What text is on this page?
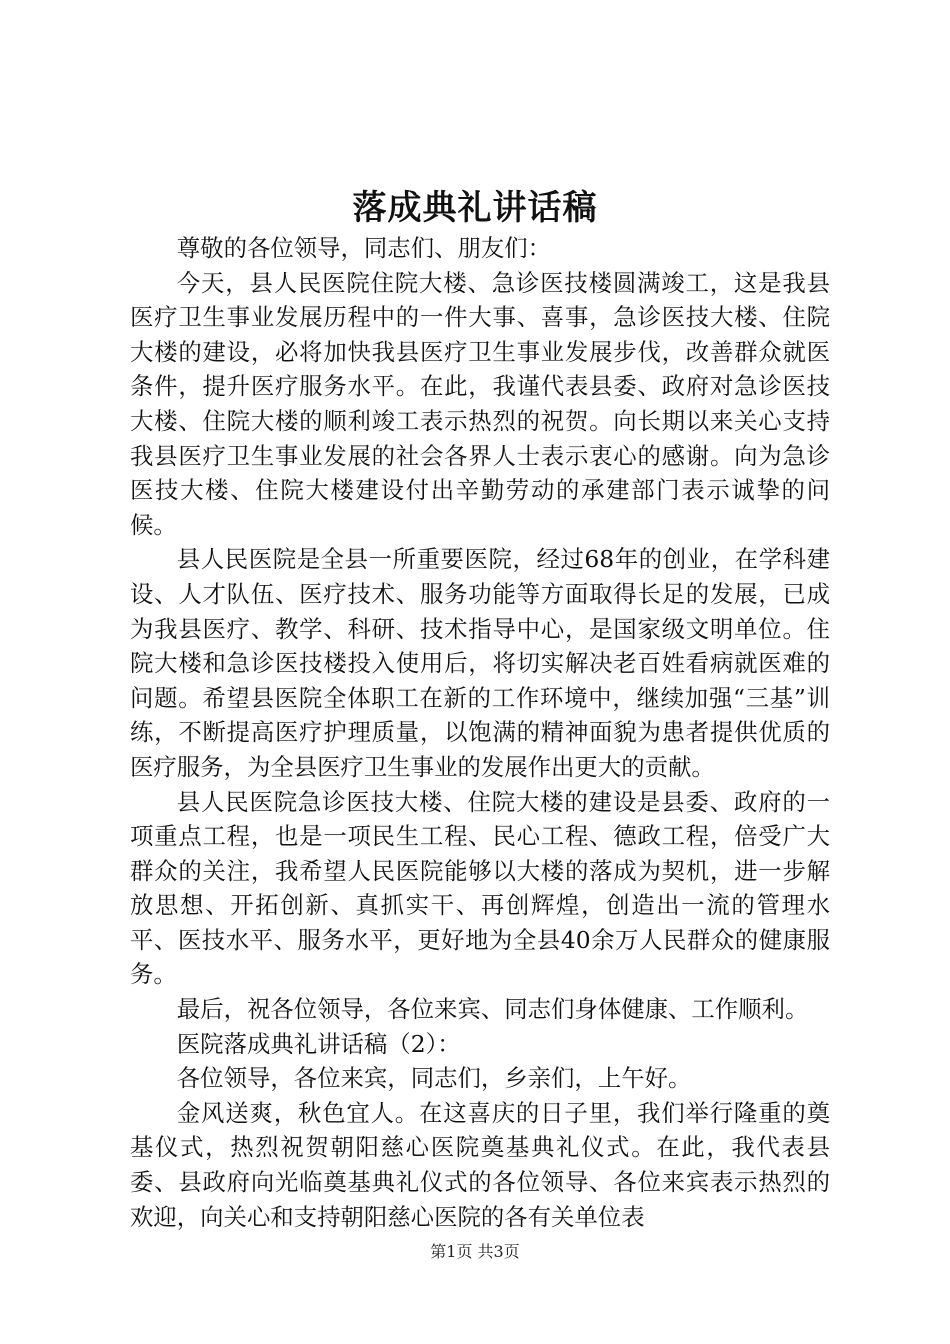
落成典礼讲话稿

尊敬的各位领导，同志们、朋友们：

今天，县人民医院住院大楼、急诊医技楼圆满竣工，这是我县医疗卫生事业发展历程中的一件大事、喜事，急诊医技大楼、住院大楼的建设，必将加快我县医疗卫生事业发展步伐，改善群众就医条件，提升医疗服务水平。在此，我谨代表县委、政府对急诊医技大楼、住院大楼的顺利竣工表示热烈的祝贺。向长期以来关心支持我县医疗卫生事业发展的社会各界人士表示衷心的感谢。向为急诊医技大楼、住院大楼建设付出辛勤劳动的承建部门表示诚挚的问候。

县人民医院是全县一所重要医院，经过68年的创业，在学科建设、人才队伍、医疗技术、服务功能等方面取得长足的发展，已成为我县医疗、教学、科研、技术指导中心，是国家级文明单位。住院大楼和急诊医技楼投入使用后，将切实解决老百姓看病就医难的问题。希望县医院全体职工在新的工作环境中，继续加强“三基”训练，不断提高医疗护理质量，以饱满的精神面貌为患者提供优质的医疗服务，为全县医疗卫生事业的发展作出更大的贡献。

县人民医院急诊医技大楼、住院大楼的建设是县委、政府的一项重点工程，也是一项民生工程、民心工程、德政工程，倍受广大群众的关注，我希望人民医院能够以大楼的落成为契机，进一步解放思想、开拓创新、真抓实干、再创辉煌，创造出一流的管理水平、医技水平、服务水平，更好地为全县40余万人民群众的健康服务。

最后，祝各位领导，各位来宾、同志们身体健康、工作顺利。

医院落成典礼讲话稿（2）：

各位领导，各位来宾，同志们，乡亲们，上午好。

金风送爽，秋色宜人。在这喜庆的日子里，我们举行隆重的奠基仪式，热烈祝贺朝阳慈心医院奠基典礼仪式。在此，我代表县委、县政府向光临奠基典礼仪式的各位领导、各位来宾表示热烈的欢迎，向关心和支持朝阳慈心医院的各有关单位表

第1页 共3页
